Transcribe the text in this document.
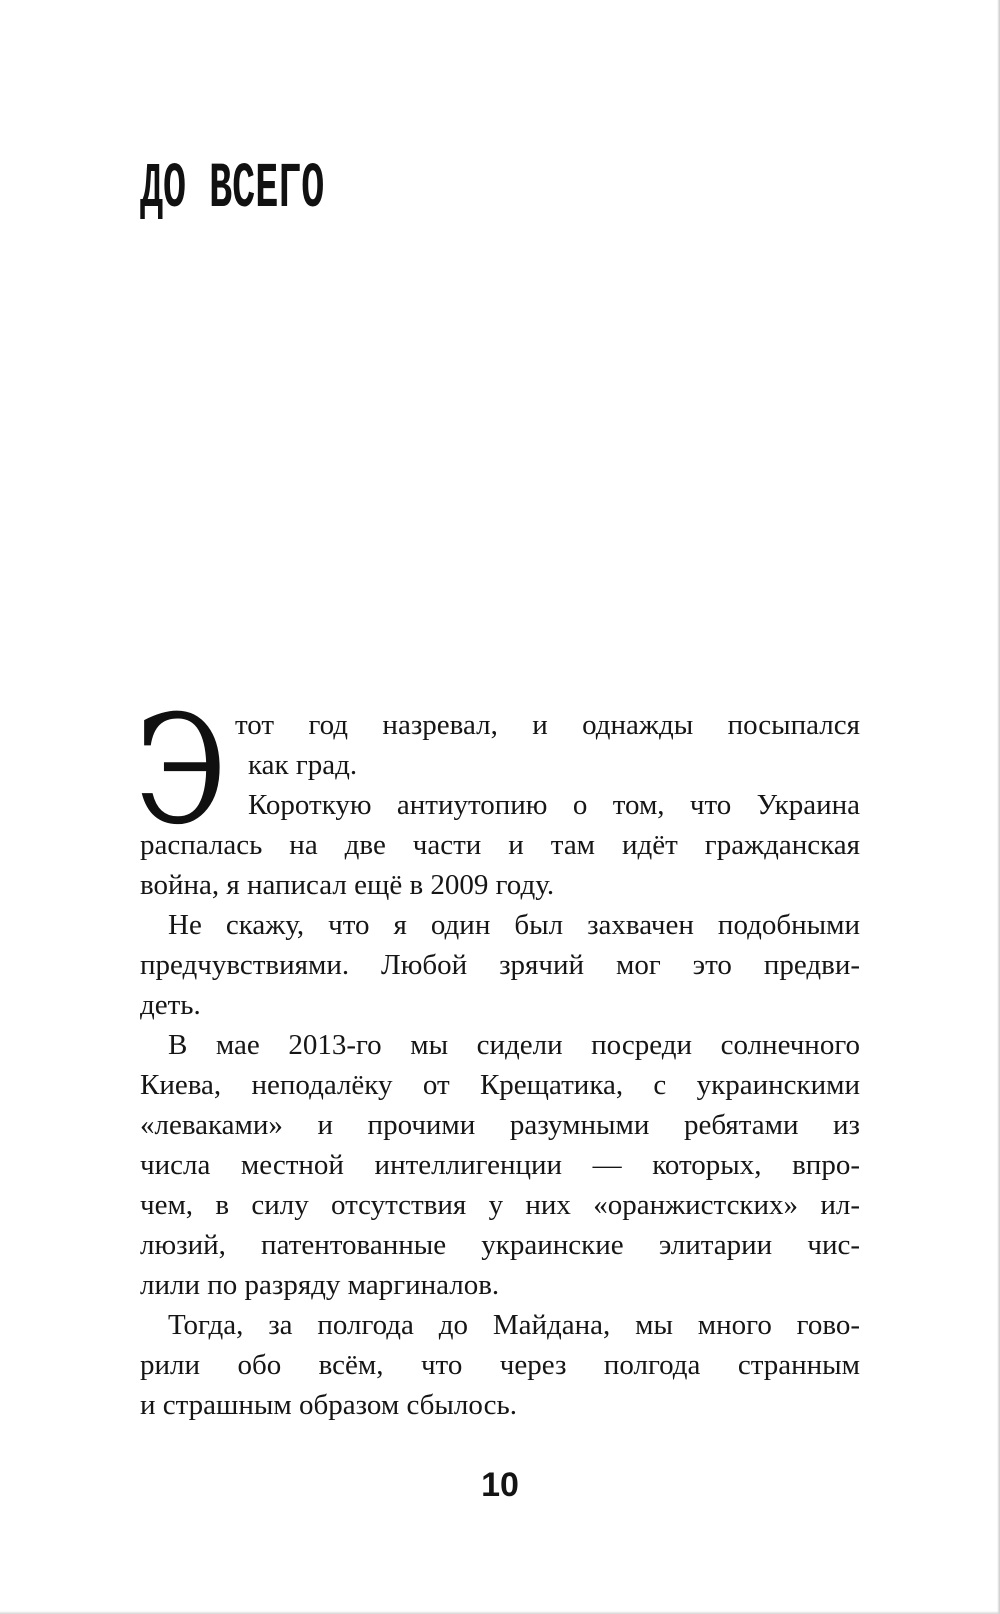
ДО ВСЕГО
Э тот год назревал, и однажды посыпался
как град.
Короткую антиутопию о том, что Украина
распалась на две части и там идёт гражданская
война, я написал ещё в 2009 году.
Не скажу, что я один был захвачен подобными
предчувствиями. Любой зрячий мог это предви-
деть.
В мае 2013-го мы сидели посреди солнечного
Киева, неподалёку от Крещатика, с украинскими
«леваками» и прочими разумными ребятами из
числа местной интеллигенции — которых, впро-
чем, в силу отсутствия у них «оранжистских» ил-
люзий, патентованные украинские элитарии чис-
лили по разряду маргиналов.
Тогда, за полгода до Майдана, мы много гово-
рили обо всём, что через полгода странным
и страшным образом сбылось.
10
